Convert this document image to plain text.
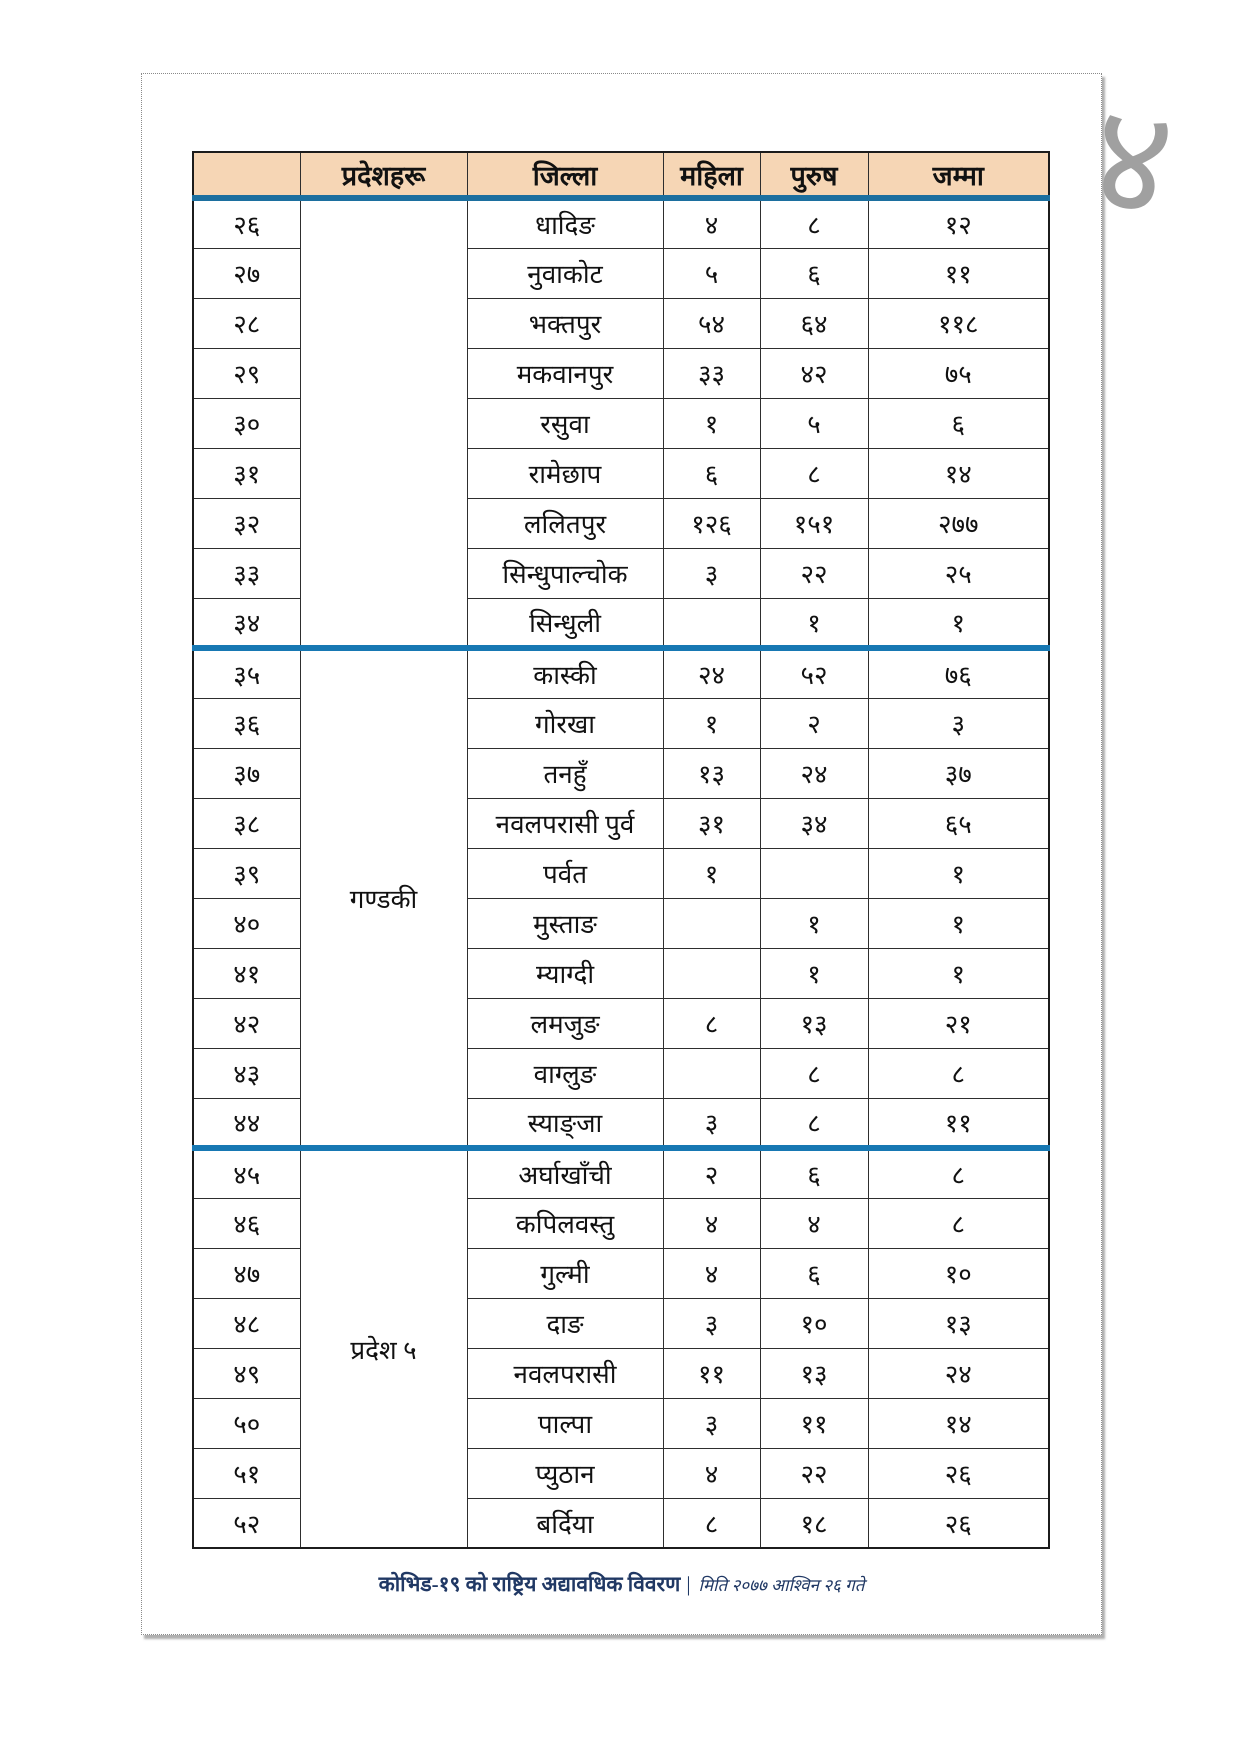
	प्रदेशहरू	जिल्ला	महिला	पुरुष	जम्मा
२६		धादिङ	४	८	१२
२७		नुवाकोट	५	६	११
२८		भक्तपुर	५४	६४	११८
२९		मकवानपुर	३३	४२	७५
३०		रसुवा	१	५	६
३१		रामेछाप	६	८	१४
३२		ललितपुर	१२६	१५१	२७७
३३		सिन्धुपाल्चोक	३	२२	२५
३४		सिन्धुली		१	१
३५	गण्डकी	कास्की	२४	५२	७६
३६		गोरखा	१	२	३
३७		तनहुँ	१३	२४	३७
३८		नवलपरासी पुर्व	३१	३४	६५
३९		पर्वत	१		१
४०		मुस्ताङ		१	१
४१		म्याग्दी		१	१
४२		लमजुङ	८	१३	२१
४३		वाग्लुङ		८	८
४४		स्याङ्जा	३	८	११
४५	प्रदेश ५	अर्घाखाँची	२	६	८
४६		कपिलवस्तु	४	४	८
४७		गुल्मी	४	६	१०
४८		दाङ	३	१०	१३
४९		नवलपरासी	११	१३	२४
५०		पाल्पा	३	११	१४
५१		प्युठान	४	२२	२६
५२		बर्दिया	८	१८	२६
कोभिड-१९ को राष्ट्रिय अद्यावधिक विवरण | मिति २०७७ आश्विन २६ गते
४
